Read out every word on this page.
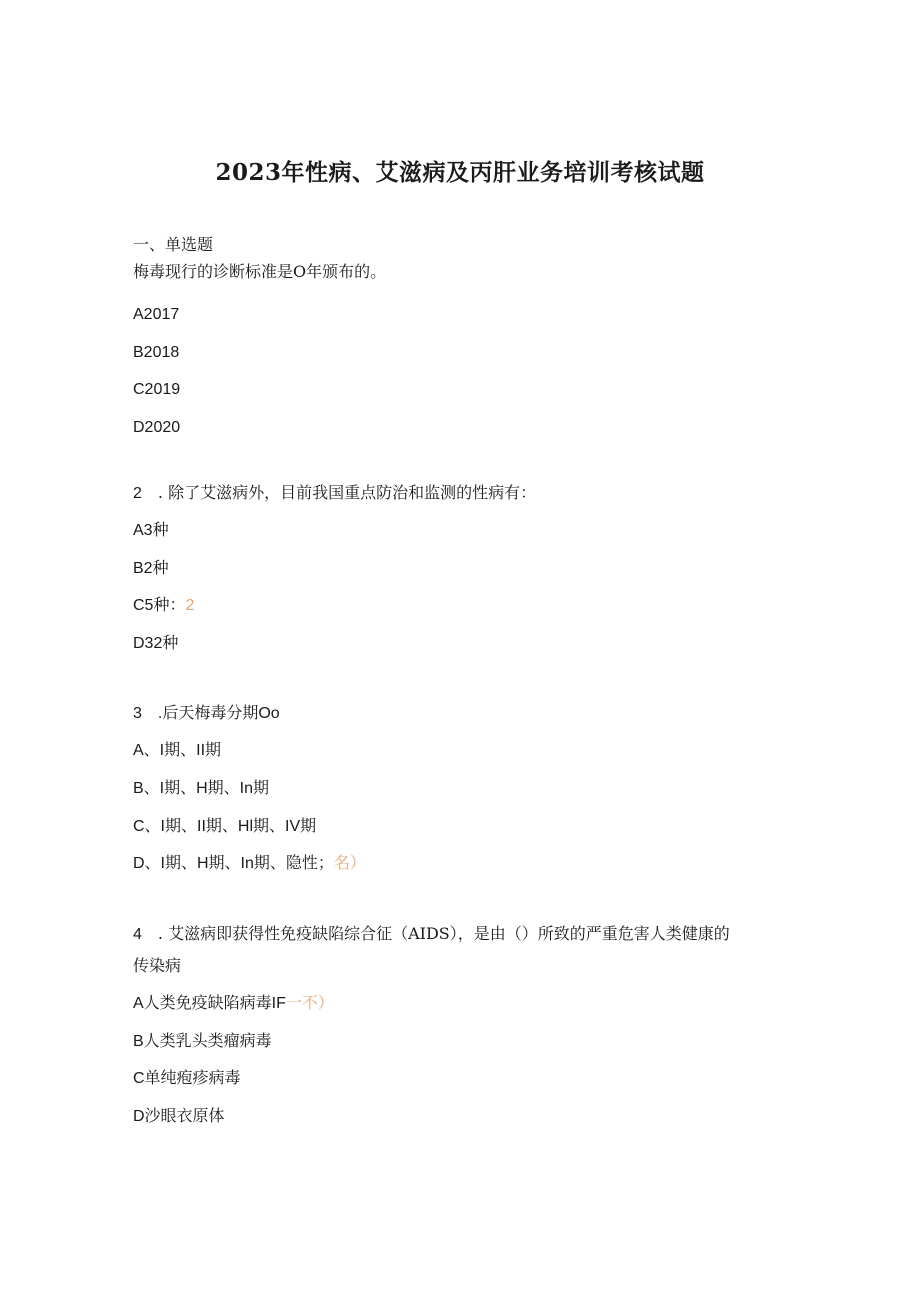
2023年性病、艾滋病及丙肝业务培训考核试题
一、单选题
梅毒现行的诊断标准是O年颁布的。
A2017
B2018
C2019
D2020
2 . 除了艾滋病外，目前我国重点防治和监测的性病有：
A3种
B2种
C5种：2
D32种
3 .后天梅毒分期Oo
A、I期、II期
B、I期、H期、In期
C、I期、II期、Hl期、IV期
D、I期、H期、In期、隐性；名）
4 . 艾滋病即获得性免疫缺陷综合征（AIDS），是由（）所致的严重危害人类健康的
传染病
A人类免疫缺陷病毒IF一不）
B人类乳头类瘤病毒
C单纯疱疹病毒
D沙眼衣原体
